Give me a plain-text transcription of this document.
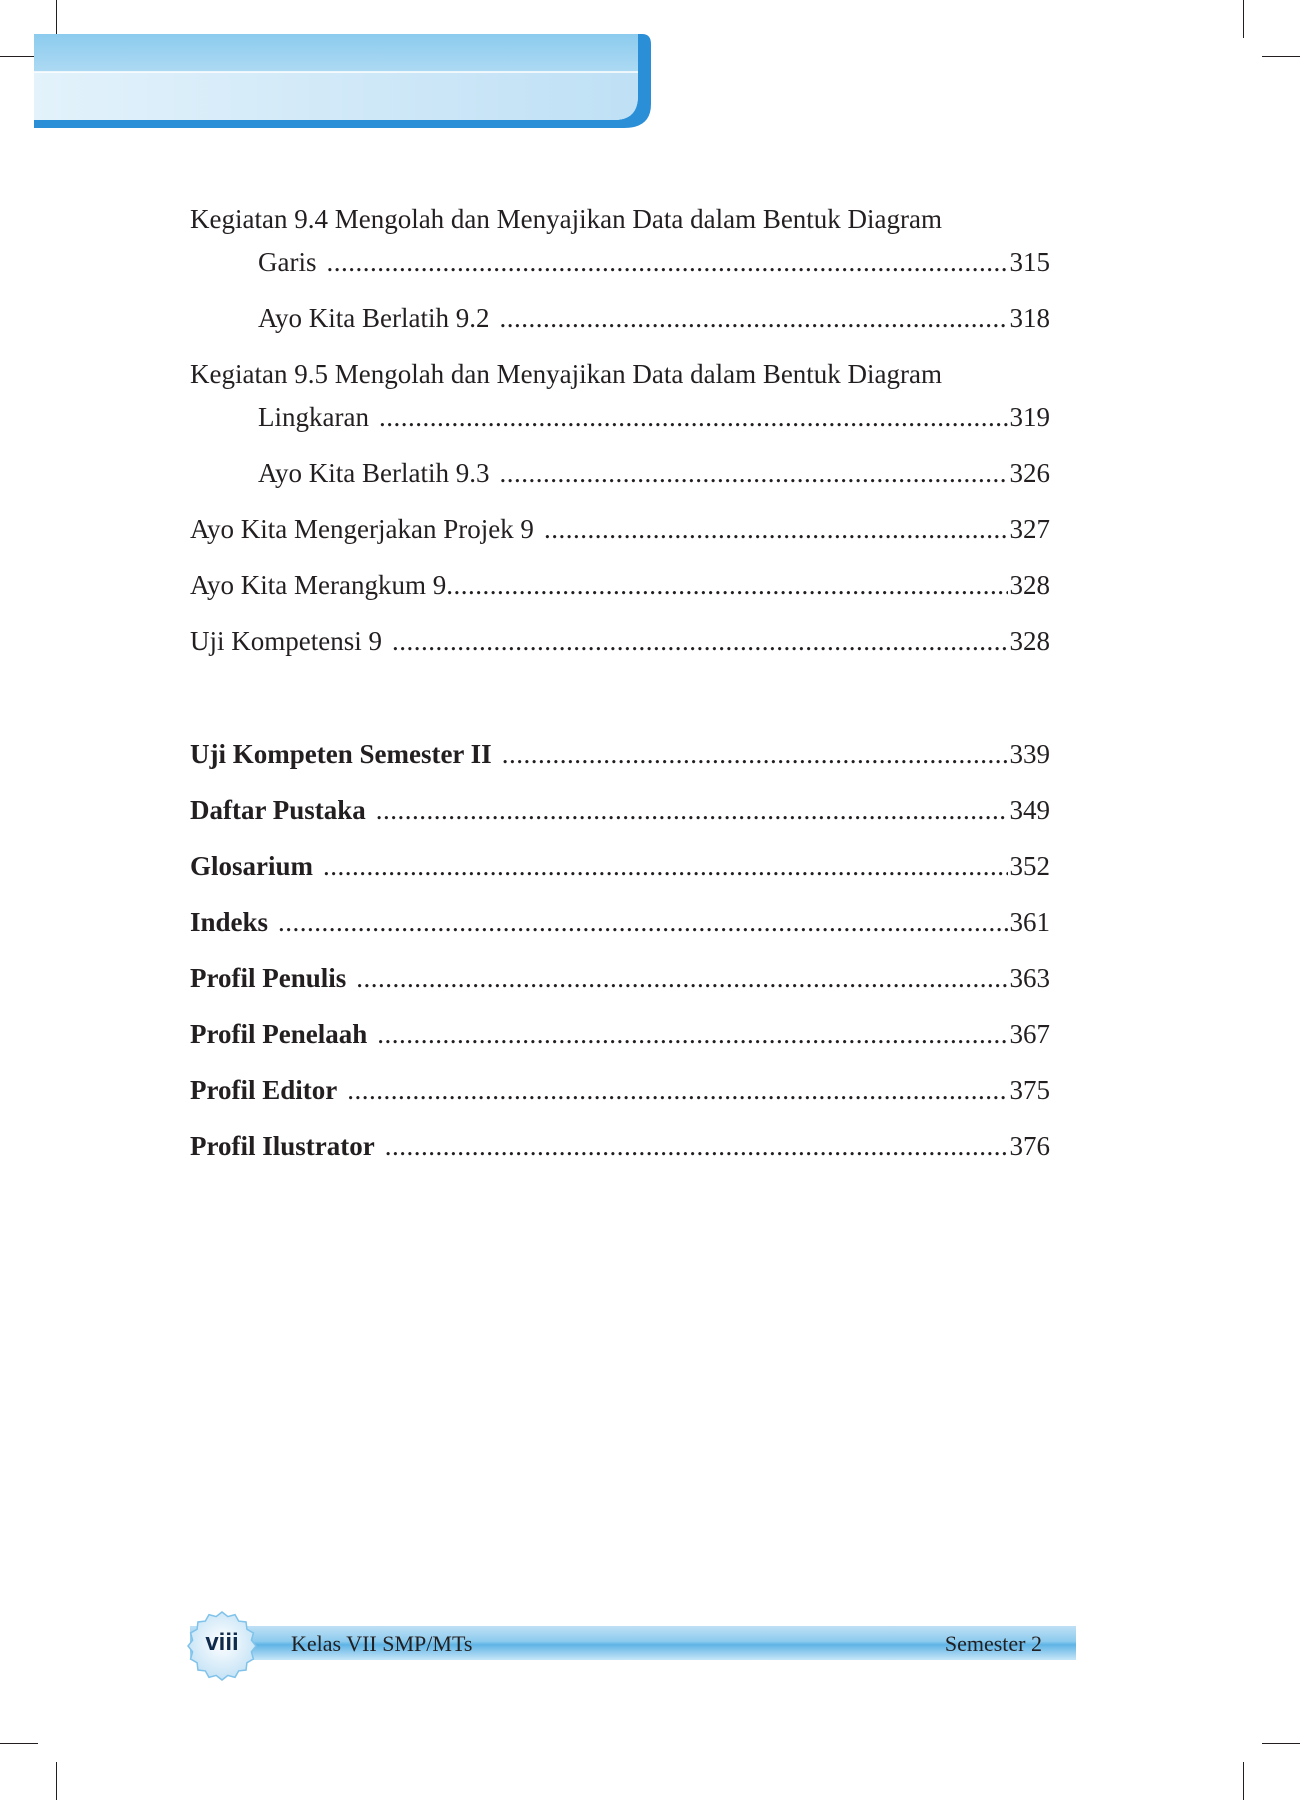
Kegiatan 9.4 Mengolah dan Menyajikan Data dalam Bentuk Diagram
Garis .....	315
Ayo Kita Berlatih 9.2 .....	318
Kegiatan 9.5 Mengolah dan Menyajikan Data dalam Bentuk Diagram
Lingkaran .....	319
Ayo Kita Berlatih 9.3 .....	326
Ayo Kita Mengerjakan Projek 9 .....	327
Ayo Kita Merangkum 9 .....	328
Uji Kompetensi 9 .....	328
Uji Kompeten Semester II .....	339
Daftar Pustaka .....	349
Glosarium .....	352
Indeks .....	361
Profil Penulis .....	363
Profil Penelaah .....	367
Profil Editor .....	375
Profil Ilustrator .....	376
viii	Kelas VII SMP/MTs	Semester 2
